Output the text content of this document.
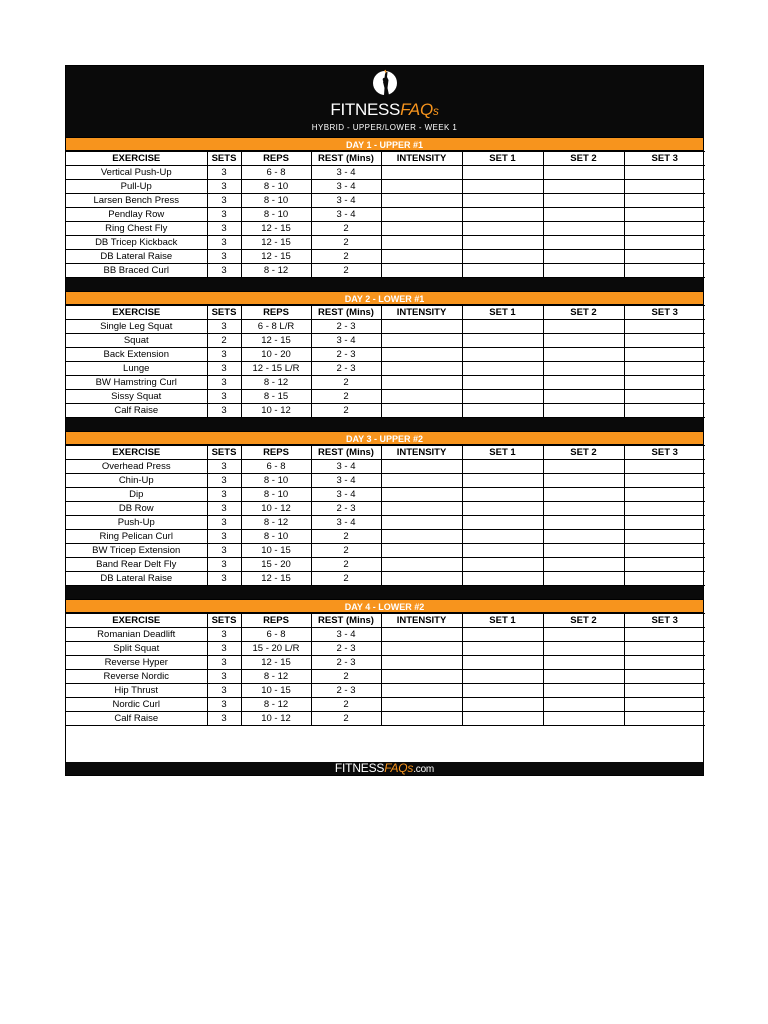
FITNESSFAQs
HYBRID - UPPER/LOWER - WEEK 1
DAY 1 - UPPER #1
EXERCISE	SETS	REPS	REST (Mins)	INTENSITY	SET 1	SET 2	SET 3
Vertical Push-Up	3	6 - 8	3 - 4				
Pull-Up	3	8 - 10	3 - 4				
Larsen Bench Press	3	8 - 10	3 - 4				
Pendlay Row	3	8 - 10	3 - 4				
Ring Chest Fly	3	12 - 15	2				
DB Tricep Kickback	3	12 - 15	2				
DB Lateral Raise	3	12 - 15	2				
BB Braced Curl	3	8 - 12	2				
DAY 2 - LOWER #1
EXERCISE	SETS	REPS	REST (Mins)	INTENSITY	SET 1	SET 2	SET 3
Single Leg Squat	3	6 - 8 L/R	2 - 3				
Squat	2	12 - 15	3 - 4				
Back Extension	3	10 - 20	2 - 3				
Lunge	3	12 - 15 L/R	2 - 3				
BW Hamstring Curl	3	8 - 12	2				
Sissy Squat	3	8 - 15	2				
Calf Raise	3	10 - 12	2				
DAY 3 - UPPER #2
EXERCISE	SETS	REPS	REST (Mins)	INTENSITY	SET 1	SET 2	SET 3
Overhead Press	3	6 - 8	3 - 4				
Chin-Up	3	8 - 10	3 - 4				
Dip	3	8 - 10	3 - 4				
DB Row	3	10 - 12	2 - 3				
Push-Up	3	8 - 12	3 - 4				
Ring Pelican Curl	3	8 - 10	2				
BW Tricep Extension	3	10 - 15	2				
Band Rear Delt Fly	3	15 - 20	2				
DB Lateral Raise	3	12 - 15	2				
DAY 4 - LOWER #2
EXERCISE	SETS	REPS	REST (Mins)	INTENSITY	SET 1	SET 2	SET 3
Romanian Deadlift	3	6 - 8	3 - 4				
Split Squat	3	15 - 20 L/R	2 - 3				
Reverse Hyper	3	12 - 15	2 - 3				
Reverse Nordic	3	8 - 12	2				
Hip Thrust	3	10 - 15	2 - 3				
Nordic Curl	3	8 - 12	2				
Calf Raise	3	10 - 12	2				
FITNESSFAQs.com
